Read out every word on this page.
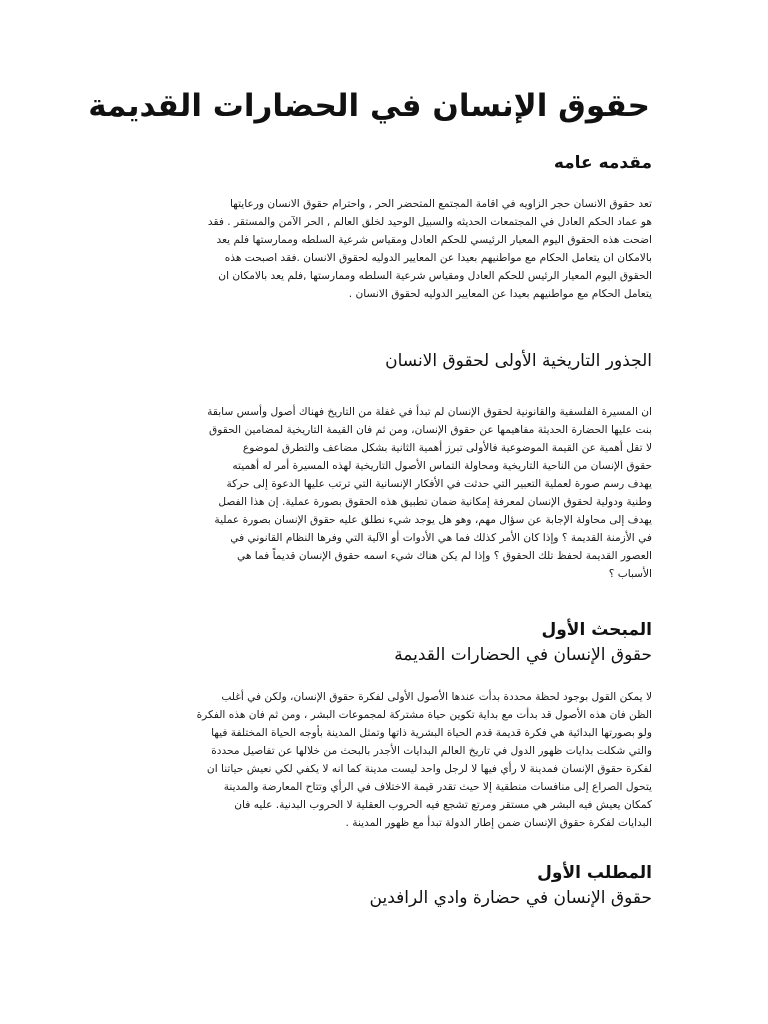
حقوق الإنسان في الحضارات القديمة
مقدمه عامه
تعد حقوق الانسان حجر الزاويه في اقامة المجتمع المتحضر الحر , واحترام حقوق الانسان ورعايتها
هو عماد الحكم العادل في المجتمعات الحديثه والسبيل الوحيد لخلق العالم , الحر الآمن والمستقر . فقد
اضحت هذه الحقوق اليوم المعيار الرئيسي للحكم العادل ومقياس شرعية السلطه وممارستها فلم يعد
بالامكان ان يتعامل الحكام مع مواطنيهم بعيدا عن المعايير الدوليه لحقوق الانسان .فقد اصبحت هذه
الحقوق اليوم المعيار الرئيس للحكم العادل ومقياس شرعية السلطه وممارستها ,فلم يعد بالامكان ان
يتعامل الحكام مع مواطنيهم بعيدا عن المعايير الدوليه لحقوق الانسان .
الجذور التاريخية الأولى لحقوق الانسان
ان المسيرة الفلسفية والقانونية لحقوق الإنسان لم تبدأ في غفلة من التاريخ فهناك أصول وأسس سابقة
بنت عليها الحضارة الحديثة مفاهيمها عن حقوق الإنسان، ومن ثم فان القيمة التاريخية لمضامين الحقوق
لا تقل أهمية عن القيمة الموضوعية فالأولى تبرز أهمية الثانية بشكل مضاعف والتطرق لموضوع
حقوق الإنسان من الناحية التاريخية ومحاولة التماس الأصول التاريخية لهذه المسيرة أمر له أهميته
يهدف رسم صورة لعملية التعبير التي حدثت في الأفكار الإنسانية التي ترتب عليها الدعوة إلى حركة
وطنية ودولية لحقوق الإنسان لمعرفة إمكانية ضمان تطبيق هذه الحقوق بصورة عملية. إن هذا الفصل
يهدف إلى محاولة الإجابة عن سؤال مهم، وهو هل يوجد شيء نطلق عليه حقوق الإنسان بصورة عملية
في الأزمنة القديمة ؟ وإذا كان الأمر كذلك فما هي الأدوات أو الآلية التي وفرها النظام القانوني في
العصور القديمة لحفظ تلك الحقوق ؟ وإذا لم يكن هناك شيء اسمه حقوق الإنسان قديماً فما هي
الأسباب ؟
المبحث الأول
حقوق الإنسان في الحضارات القديمة
لا يمكن القول بوجود لحظة محددة بدأت عندها الأصول الأولى لفكرة حقوق الإنسان، ولكن في أغلب
الظن فان هذه الأصول قد بدأت مع بداية تكوين حياة مشتركة لمجموعات البشر ، ومن ثم فان هذه الفكرة
ولو بصورتها البدائية هي فكرة قديمة قدم الحياة البشرية ذاتها وتمثل المدينة بأوجه الحياة المختلفة فيها
والتي شكلت بدايات ظهور الدول في تاريخ العالم البدايات الأجدر بالبحث من خلالها عن تفاصيل محددة
لفكرة حقوق الإنسان فمدينة لا رأي فيها لا لرجل واحد ليست مدينة كما انه لا يكفي لكي نعيش حياتنا ان
يتحول الصراع إلى منافسات منطقية إلا حيث تقدر قيمة الاختلاف في الرأي وتتاح المعارضة والمدينة
كمكان يعيش فيه البشر هي مستقر ومرتع تشجع فيه الحروب العقلية لا الحروب البدنية. عليه فان
البدايات لفكرة حقوق الإنسان ضمن إطار الدولة تبدأ مع ظهور المدينة .
المطلب الأول
حقوق الإنسان في حضارة وادي الرافدين
